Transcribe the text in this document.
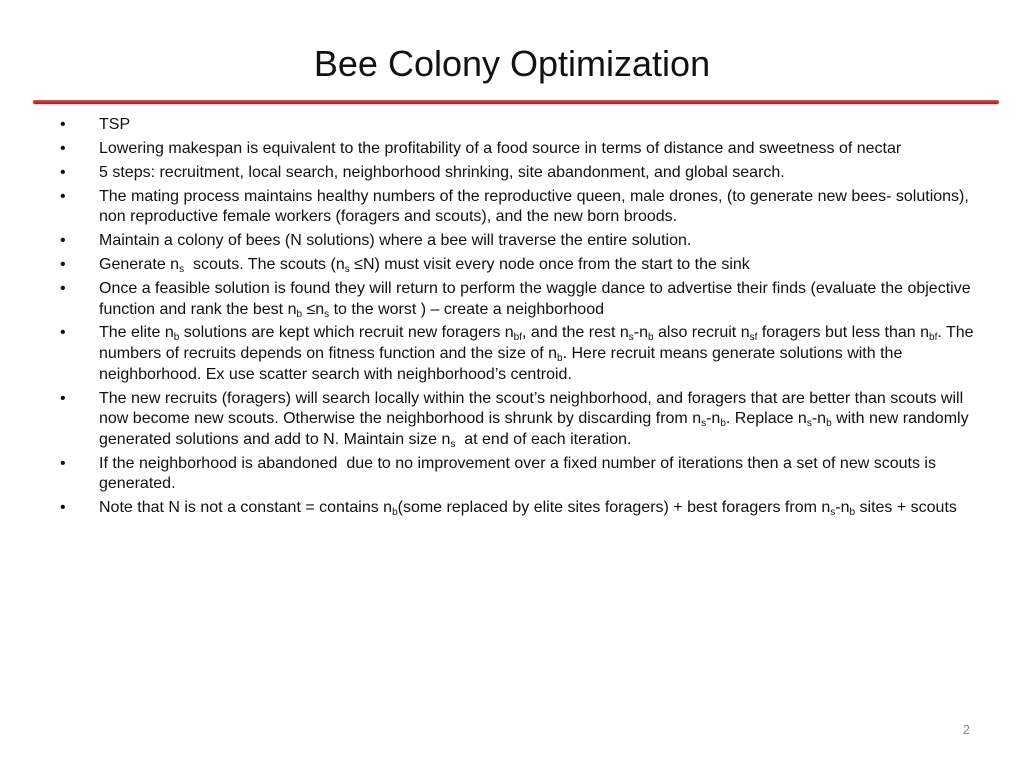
Bee Colony Optimization
•	TSP
•	Lowering makespan is equivalent to the profitability of a food source in terms of distance and sweetness of nectar
•	5 steps: recruitment, local search, neighborhood shrinking, site abandonment, and global search.
•	The mating process maintains healthy numbers of the reproductive queen, male drones, (to generate new bees- solutions), non reproductive female workers (foragers and scouts), and the new born broods.
•	Maintain a colony of bees (N solutions) where a bee will traverse the entire solution.
•	Generate $n_s$  scouts. The scouts $(n_s \le N)$ must visit every node once from the start to the sink
•	Once a feasible solution is found they will return to perform the waggle dance to advertise their finds (evaluate the objective function and rank the best $n_b \le n_s$ to the worst ) – create a neighborhood
•	The elite $n_b$ solutions are kept which recruit new foragers $n_{bf}$, and the rest $n_s-n_b$ also recruit $n_{sf}$ foragers but less than $n_{bf}$. The numbers of recruits depends on fitness function and the size of $n_b$. Here recruit means generate solutions with the neighborhood. Ex use scatter search with neighborhood’s centroid.
•	The new recruits (foragers) will search locally within the scout’s neighborhood, and foragers that are better than scouts will now become new scouts. Otherwise the neighborhood is shrunk by discarding from $n_s-n_b$. Replace $n_s-n_b$ with new randomly generated solutions and add to N. Maintain size $n_s$  at end of each iteration.
•	If the neighborhood is abandoned  due to no improvement over a fixed number of iterations then a set of new scouts is generated.
•	Note that N is not a constant = contains $n_b(some$ replaced by elite sites foragers) + best foragers from $n_s-n_b$ sites + scouts
2
